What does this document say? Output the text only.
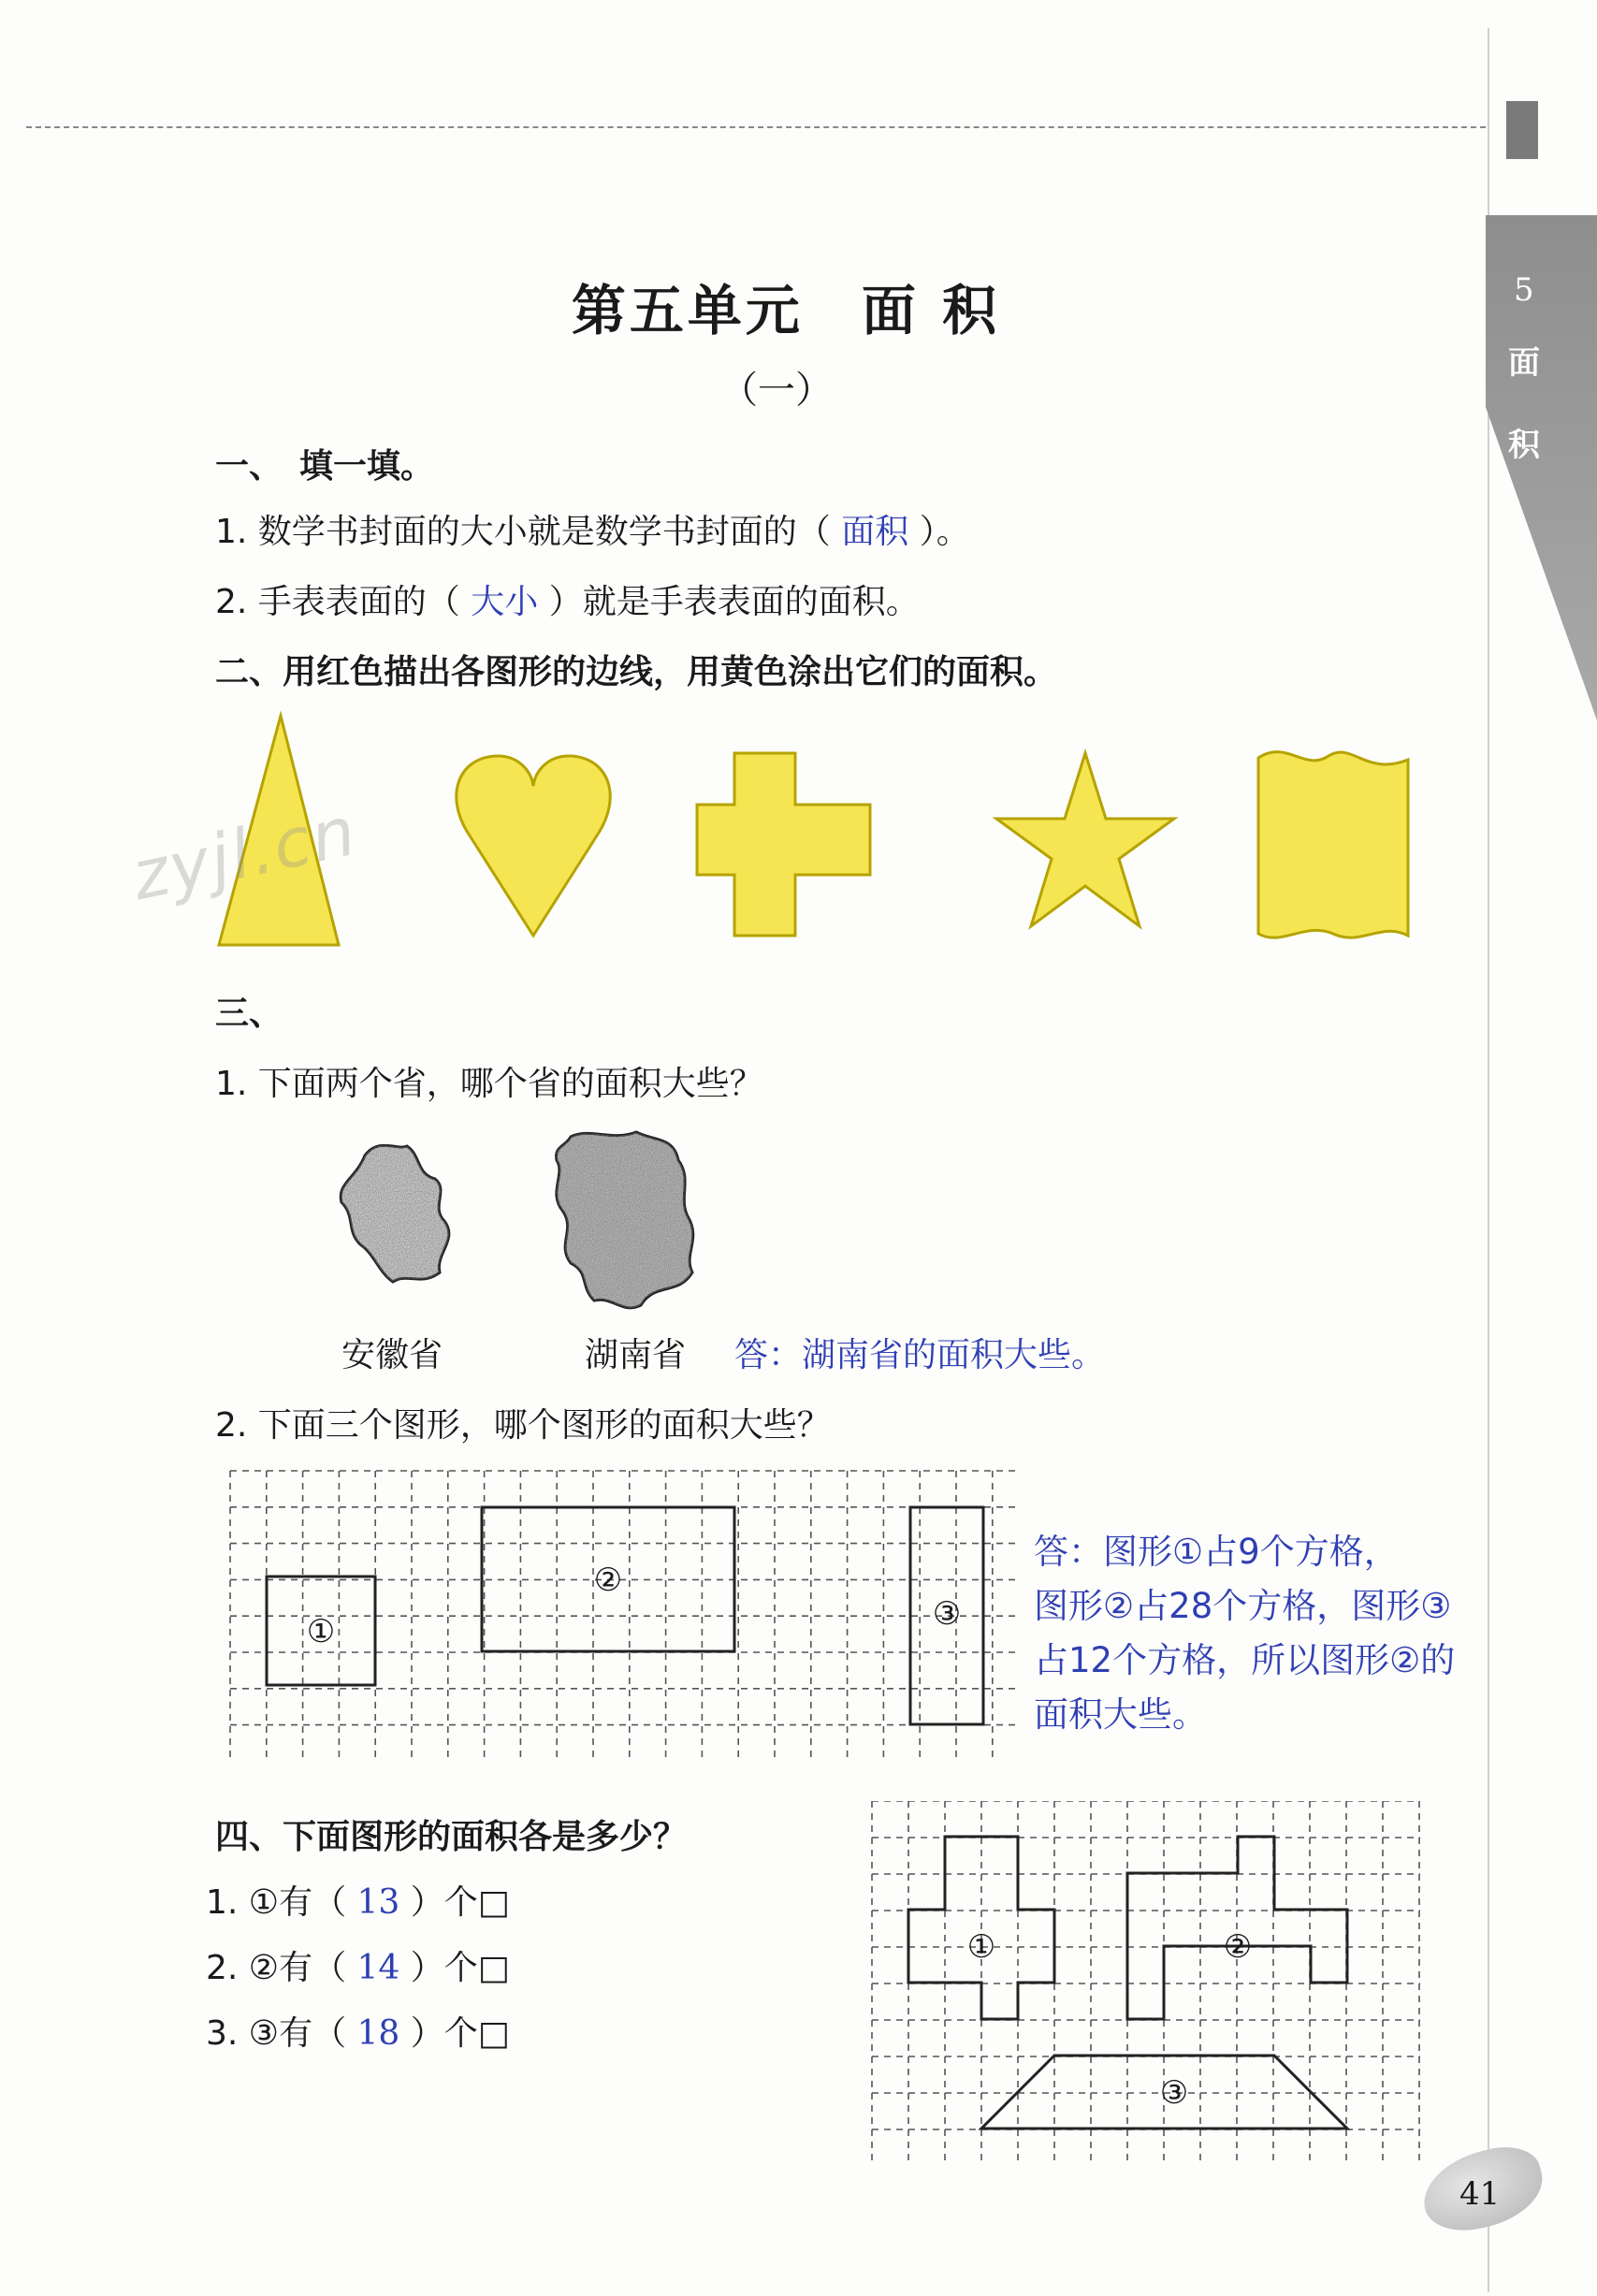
5
面
积
第五单元　面 积
（一）
一、　填一填。
1. 数学书封面的大小就是数学书封面的（ 面积 ）。
2. 手表表面的（ 大小 ）就是手表表面的面积。
二、用红色描出各图形的边线，用黄色涂出它们的面积。
zyjl.cn
三、
1. 下面两个省，哪个省的面积大些？
安徽省	湖南省 答：湖南省的面积大些。
2. 下面三个图形，哪个图形的面积大些？
①
②
③
答：图形①占9个方格，
图形②占28个方格，图形③
占12个方格，所以图形②的
面积大些。
四、下面图形的面积各是多少？
1. ①有（ 13 ）个□
2. ②有（ 14 ）个□
3. ③有（ 18 ）个□
①	②
③
41
